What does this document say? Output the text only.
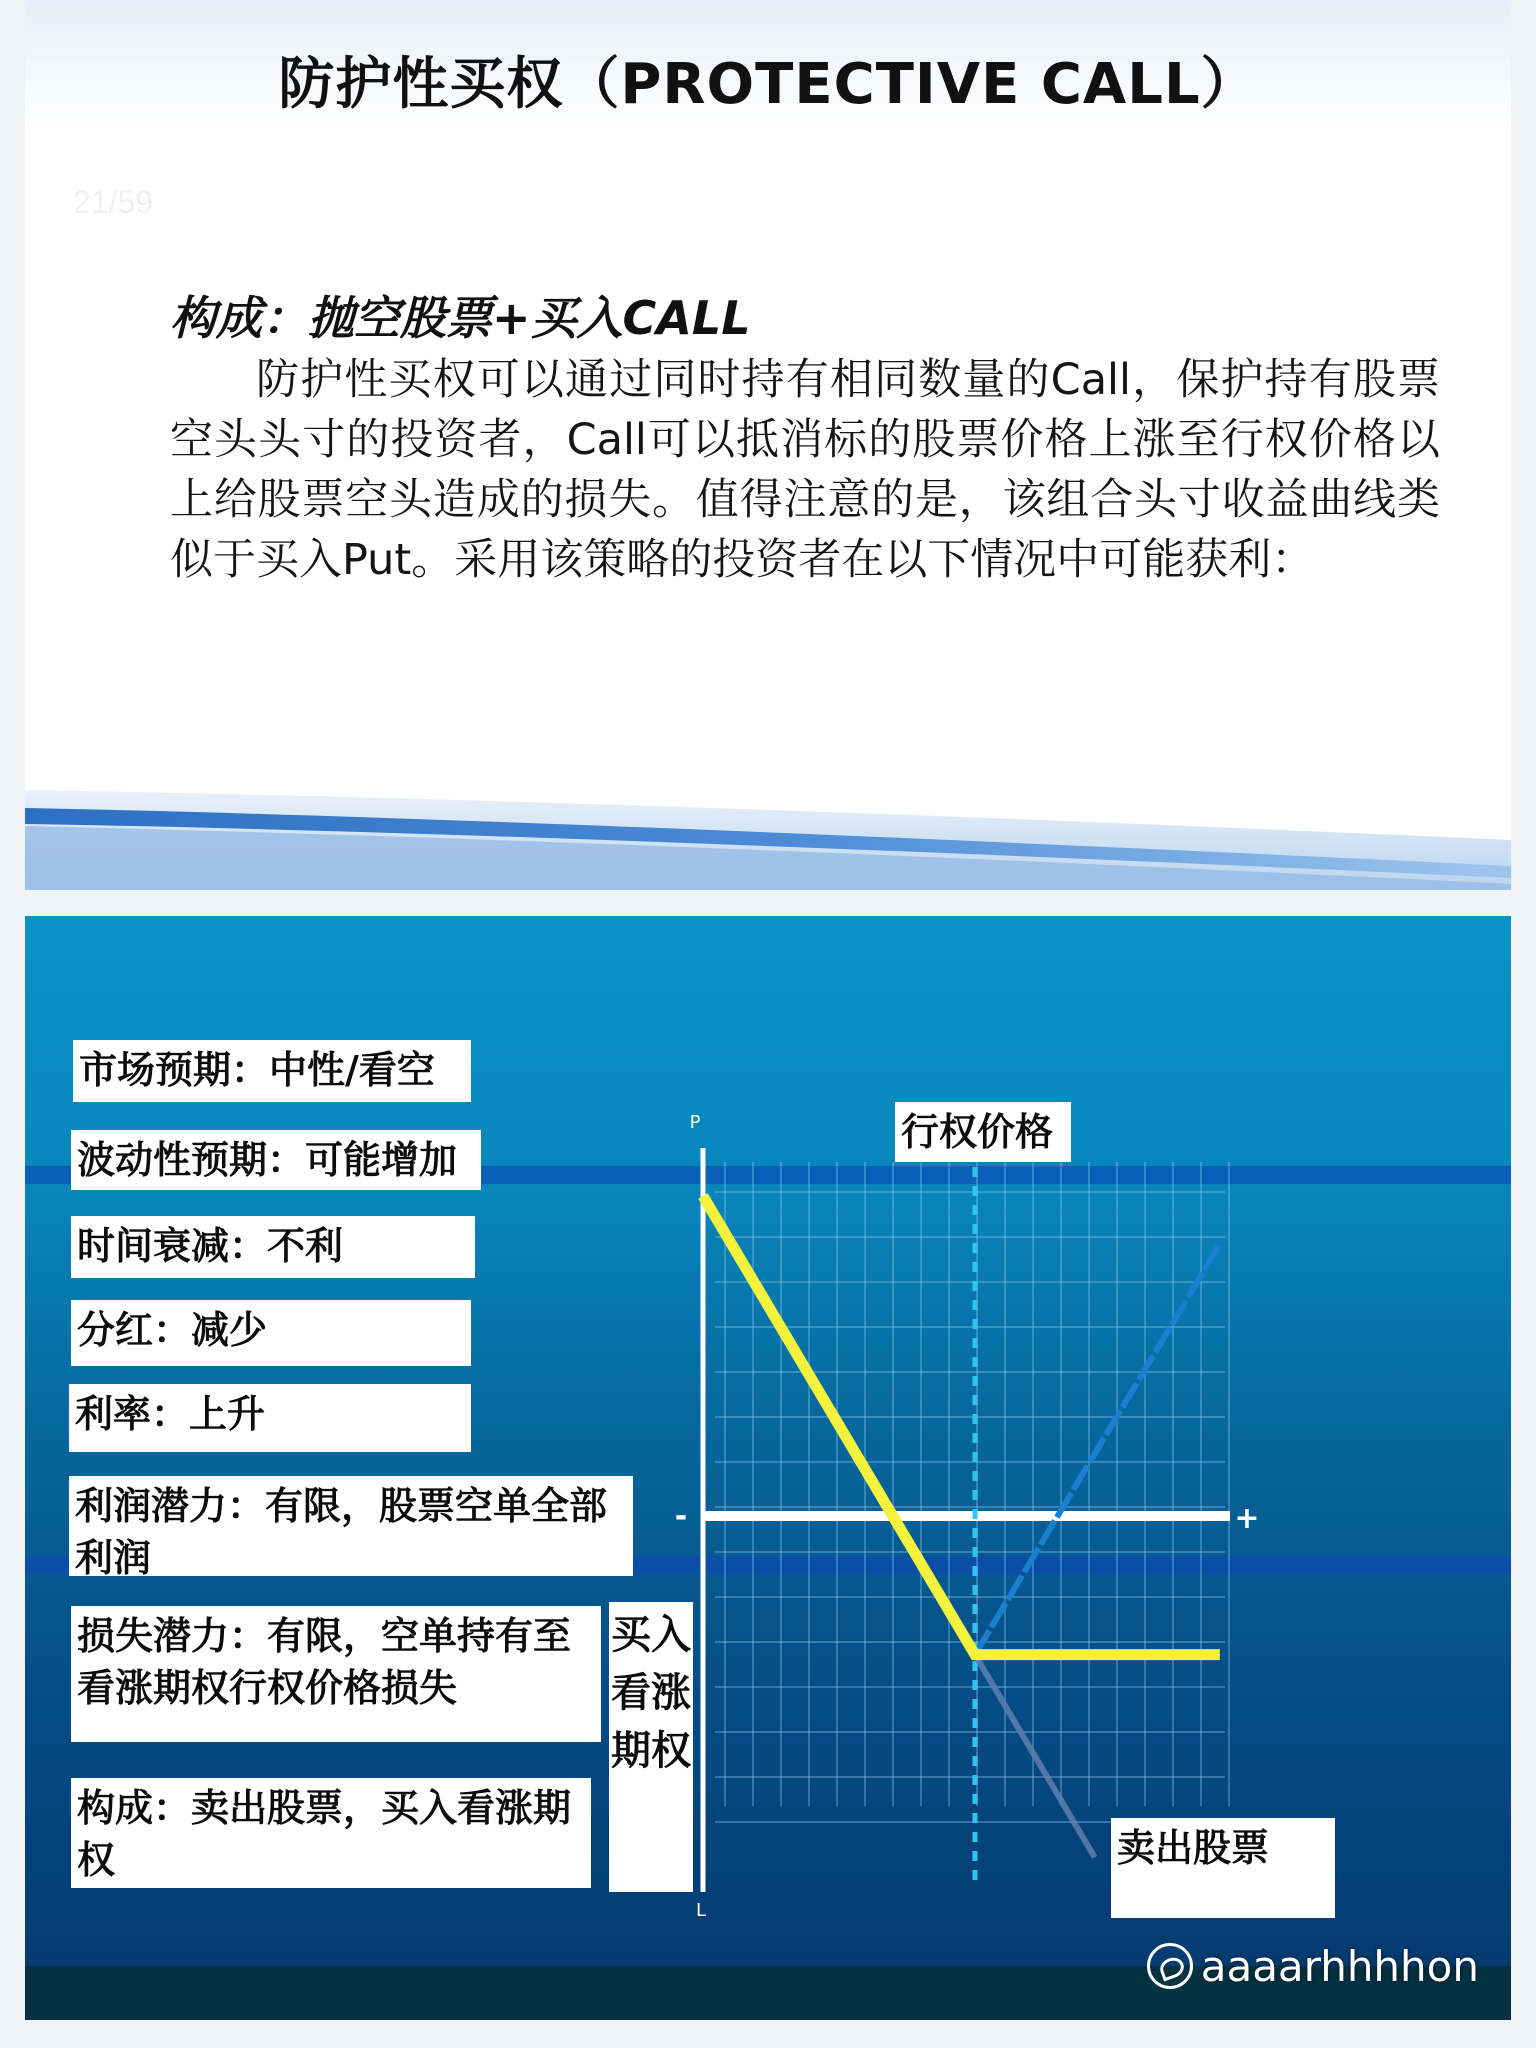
防护性买权（PROTECTIVE CALL）
21/59
构成：抛空股票+买入CALL
防护性买权可以通过同时持有相同数量的Call，保护持有股票空头头寸的投资者，Call可以抵消标的股票价格上涨至行权价格以上给股票空头造成的损失。值得注意的是，该组合头寸收益曲线类似于买入Put。采用该策略的投资者在以下情况中可能获利：
P
L
-	+
市场预期：中性/看空
波动性预期：可能增加
时间衰减：不利
分红：减少
利率：上升
利润潜力：有限，股票空单全部利润
损失潜力：有限，空单持有至看涨期权行权价格损失
构成：卖出股票，买入看涨期权
买入看涨期权
行权价格
卖出股票
aaaarhhhhon
